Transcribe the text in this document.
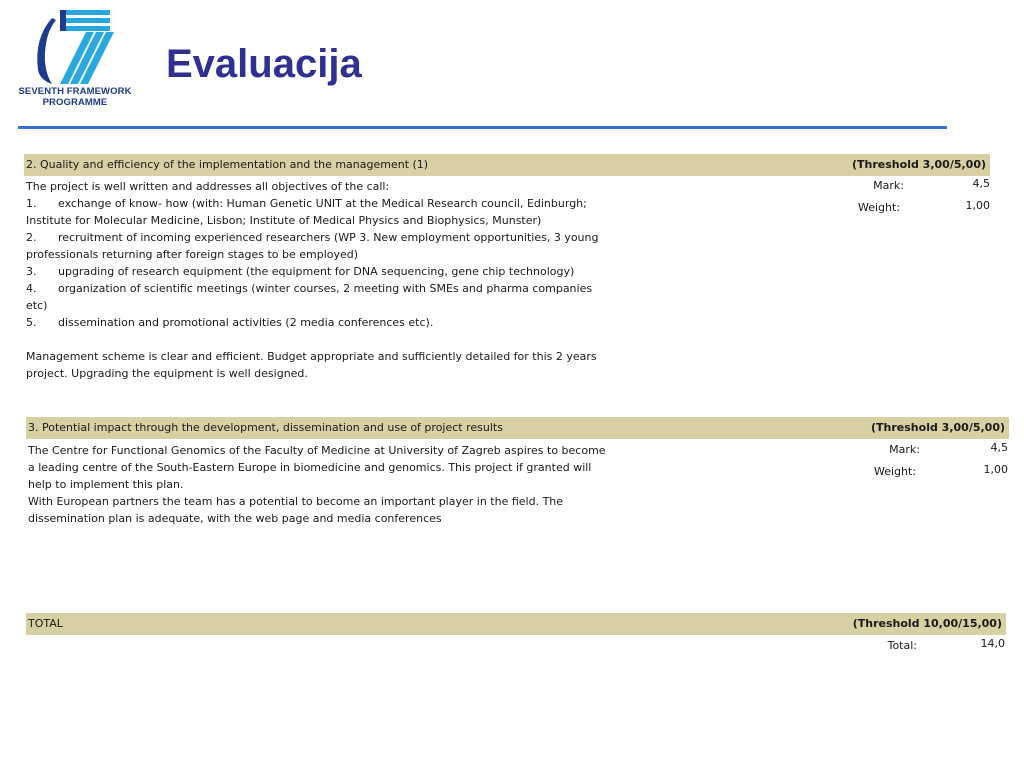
SEVENTH FRAMEWORK
PROGRAMME
Evaluacija
2. Quality and efficiency of the implementation and the management (1)	(Threshold 3,00/5,00)

The project is well written and addresses all objectives of the call:

1. exchange of know- how (with: Human Genetic UNIT at the Medical Research council, Edinburgh;
Institute for Molecular Medicine, Lisbon; Institute of Medical Physics and Biophysics, Munster)
2. recruitment of incoming experienced researchers (WP 3. New employment opportunities, 3 young
professionals returning after foreign stages to be employed)
3. upgrading of research equipment (the equipment for DNA sequencing, gene chip technology)
4. organization of scientific meetings (winter courses, 2 meeting with SMEs and pharma companies
etc)
5. dissemination and promotional activities (2 media conferences etc).

Management scheme is clear and efficient. Budget appropriate and sufficiently detailed for this 2 years

project. Upgrading the equipment is well designed.

Mark:	4,5
Weight:	1,00
3. Potential impact through the development, dissemination and use of project results	(Threshold 3,00/5,00)

The Centre for Functional Genomics of the Faculty of Medicine at University of Zagreb aspires to become

a leading centre of the South-Eastern Europe in biomedicine and genomics. This project if granted will

help to implement this plan.

With European partners the team has a potential to become an important player in the field. The

dissemination plan is adequate, with the web page and media conferences

Mark:	4,5
Weight:	1,00
TOTAL	(Threshold 10,00/15,00)
Total:	14,0
